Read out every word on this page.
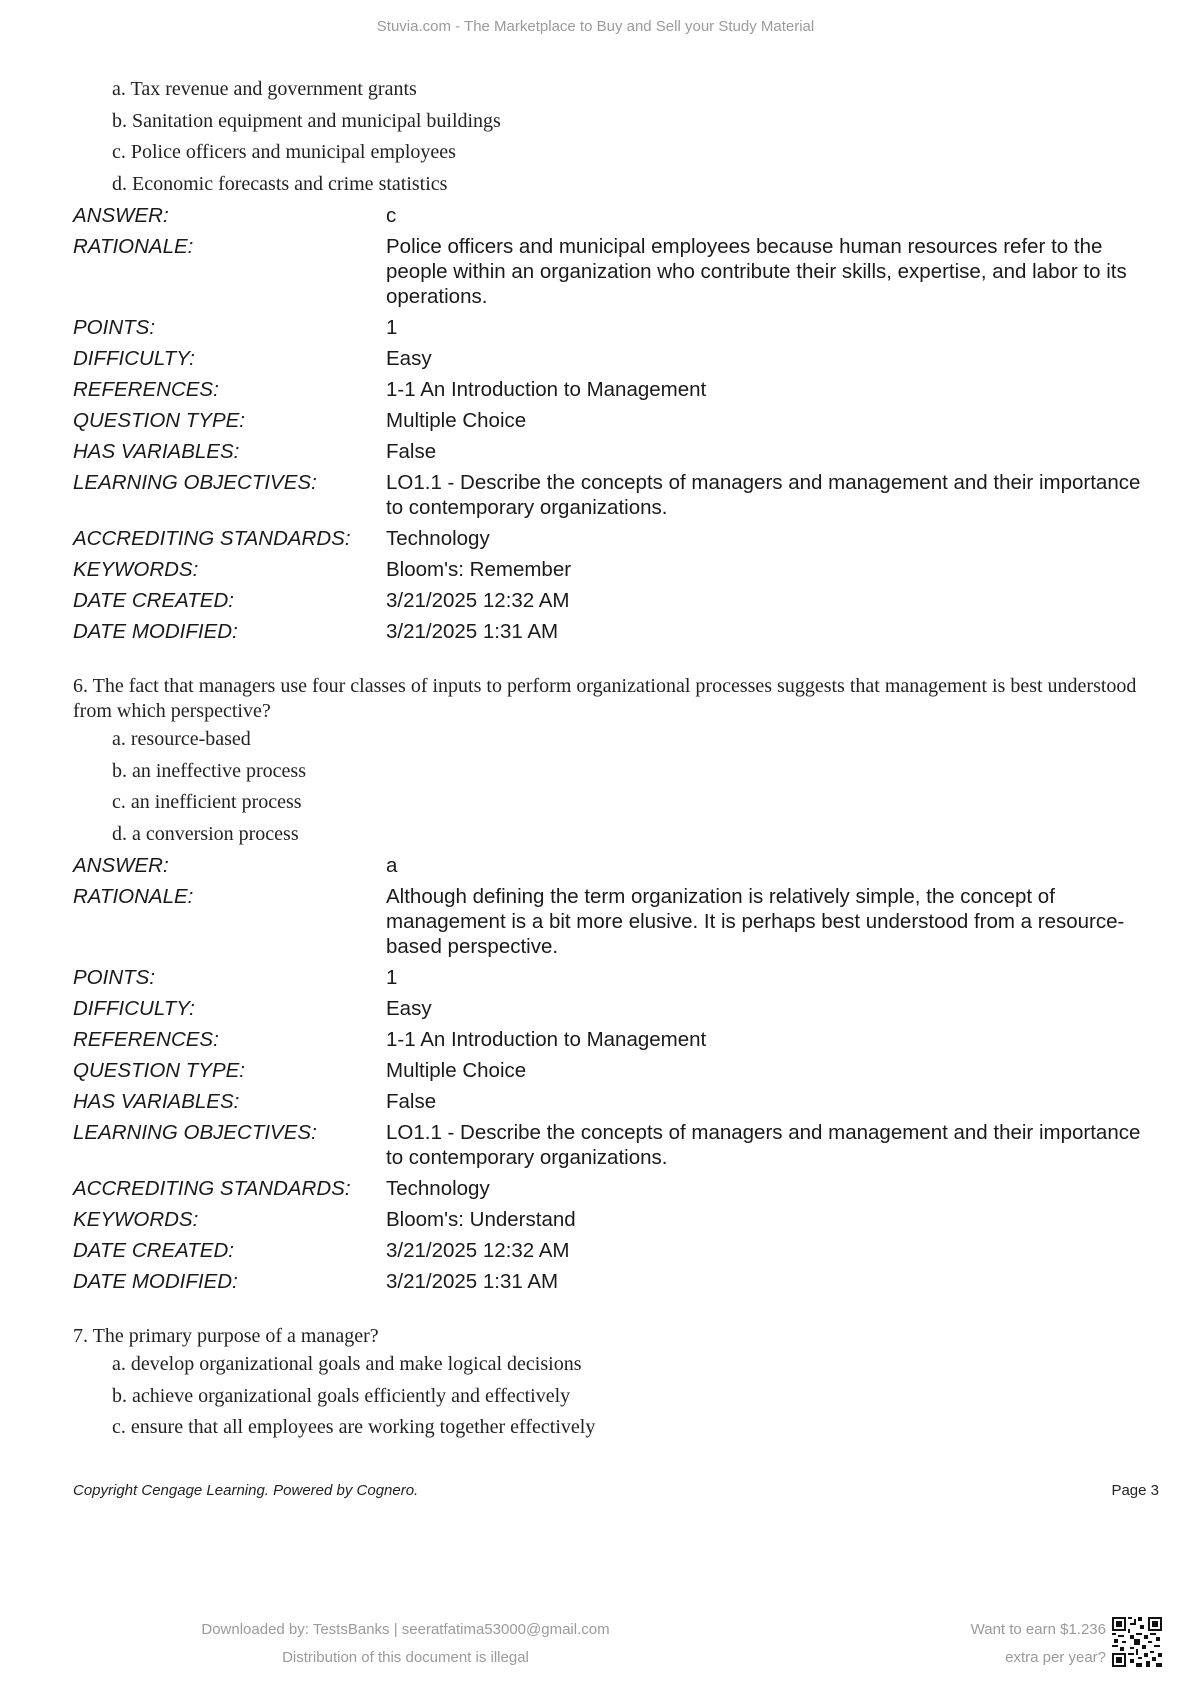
Stuvia.com - The Marketplace to Buy and Sell your Study Material
a. Tax revenue and government grants
b. Sanitation equipment and municipal buildings
c. Police officers and municipal employees
d. Economic forecasts and crime statistics
ANSWER:	c
RATIONALE:	Police officers and municipal employees because human resources refer to the people within an organization who contribute their skills, expertise, and labor to its operations.
POINTS:	1
DIFFICULTY:	Easy
REFERENCES:	1-1 An Introduction to Management
QUESTION TYPE:	Multiple Choice
HAS VARIABLES:	False
LEARNING OBJECTIVES:	LO1.1 - Describe the concepts of managers and management and their importance to contemporary organizations.
ACCREDITING STANDARDS:	Technology
KEYWORDS:	Bloom's: Remember
DATE CREATED:	3/21/2025 12:32 AM
DATE MODIFIED:	3/21/2025 1:31 AM

6. The fact that managers use four classes of inputs to perform organizational processes suggests that management is best understood from which perspective?

a. resource-based
b. an ineffective process
c. an inefficient process
d. a conversion process
ANSWER:	a
RATIONALE:	Although defining the term organization is relatively simple, the concept of management is a bit more elusive. It is perhaps best understood from a resource-based perspective.
POINTS:	1
DIFFICULTY:	Easy
REFERENCES:	1-1 An Introduction to Management
QUESTION TYPE:	Multiple Choice
HAS VARIABLES:	False
LEARNING OBJECTIVES:	LO1.1 - Describe the concepts of managers and management and their importance to contemporary organizations.
ACCREDITING STANDARDS:	Technology
KEYWORDS:	Bloom's: Understand
DATE CREATED:	3/21/2025 12:32 AM
DATE MODIFIED:	3/21/2025 1:31 AM

7. The primary purpose of a manager?

a. develop organizational goals and make logical decisions
b. achieve organizational goals efficiently and effectively
c. ensure that all employees are working together effectively
Copyright Cengage Learning. Powered by Cognero.	Page 3
Downloaded by: TestsBanks | seeratfatima53000@gmail.com
Distribution of this document is illegal
Want to earn $1.236
extra per year?
